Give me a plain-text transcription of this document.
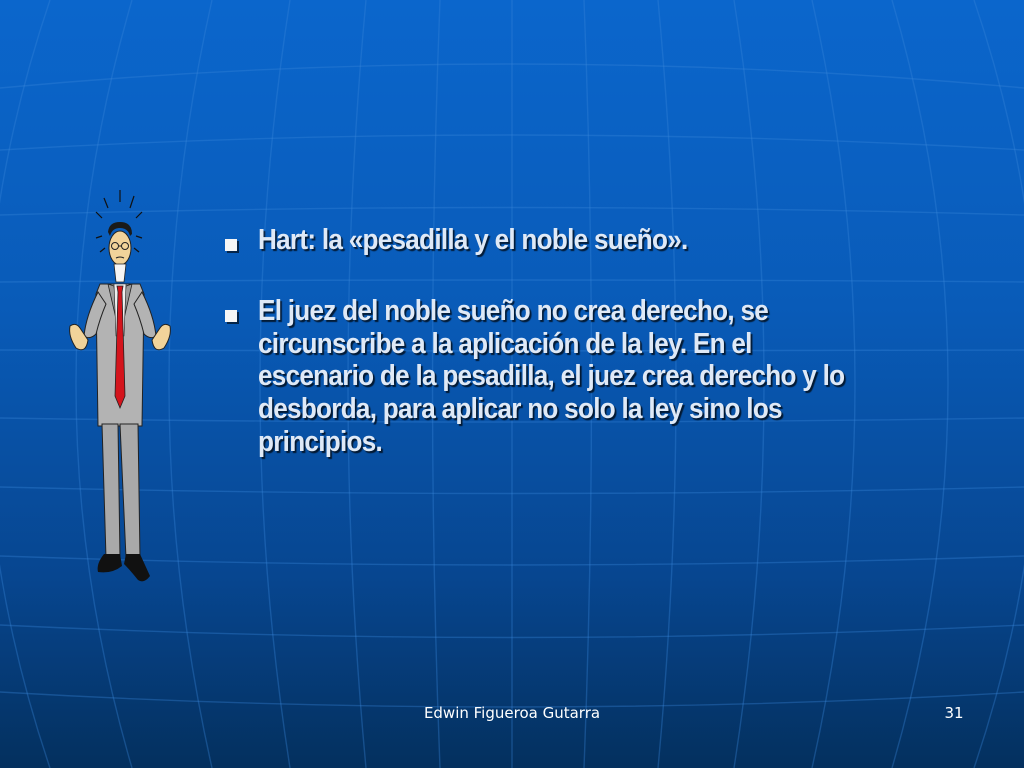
Hart: la «pesadilla y el noble sueño».
El juez del noble sueño no crea derecho, se circunscribe a la aplicación de la ley. En el escenario de la pesadilla, el juez crea derecho y lo desborda, para aplicar no solo la ley sino los principios.
Edwin Figueroa Gutarra	31
